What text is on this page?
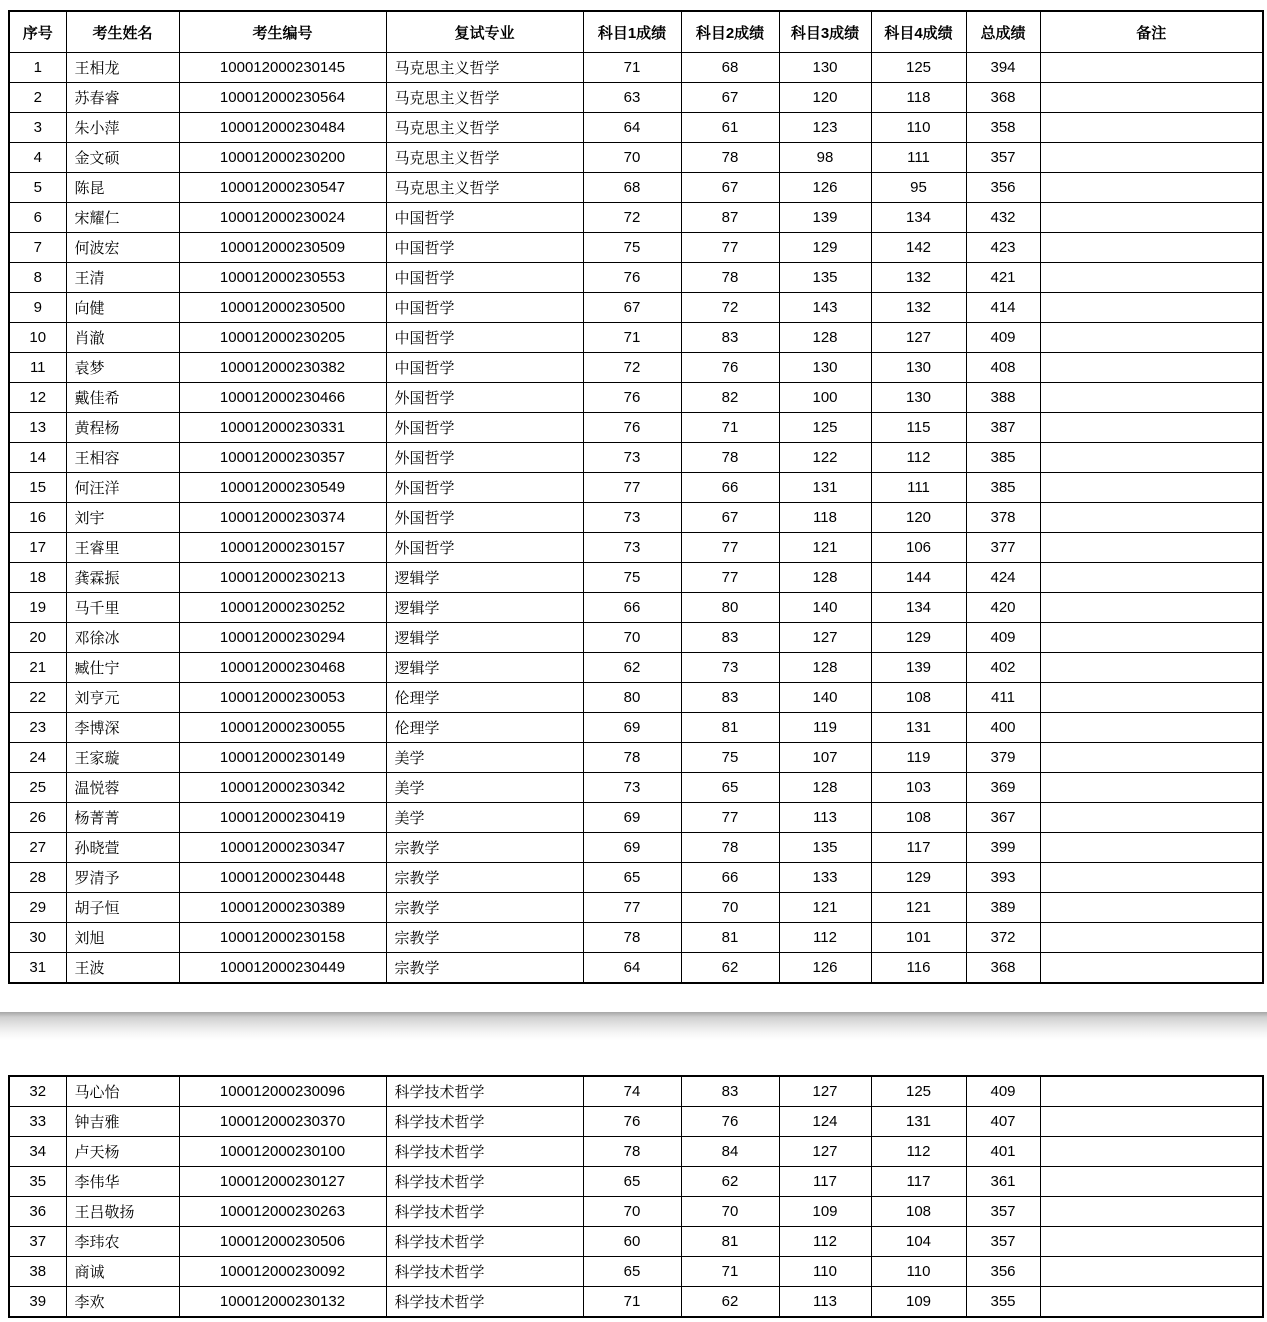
序号	考生姓名	考生编号	复试专业	科目1成绩	科目2成绩	科目3成绩	科目4成绩	总成绩	备注
1	王相龙	100012000230145	马克思主义哲学	71	68	130	125	394	
2	苏春睿	100012000230564	马克思主义哲学	63	67	120	118	368	
3	朱小萍	100012000230484	马克思主义哲学	64	61	123	110	358	
4	金文硕	100012000230200	马克思主义哲学	70	78	98	111	357	
5	陈昆	100012000230547	马克思主义哲学	68	67	126	95	356	
6	宋耀仁	100012000230024	中国哲学	72	87	139	134	432	
7	何波宏	100012000230509	中国哲学	75	77	129	142	423	
8	王清	100012000230553	中国哲学	76	78	135	132	421	
9	向健	100012000230500	中国哲学	67	72	143	132	414	
10	肖澈	100012000230205	中国哲学	71	83	128	127	409	
11	袁梦	100012000230382	中国哲学	72	76	130	130	408	
12	戴佳希	100012000230466	外国哲学	76	82	100	130	388	
13	黄程杨	100012000230331	外国哲学	76	71	125	115	387	
14	王相容	100012000230357	外国哲学	73	78	122	112	385	
15	何汪洋	100012000230549	外国哲学	77	66	131	111	385	
16	刘宇	100012000230374	外国哲学	73	67	118	120	378	
17	王睿里	100012000230157	外国哲学	73	77	121	106	377	
18	龚霖振	100012000230213	逻辑学	75	77	128	144	424	
19	马千里	100012000230252	逻辑学	66	80	140	134	420	
20	邓徐冰	100012000230294	逻辑学	70	83	127	129	409	
21	臧仕宁	100012000230468	逻辑学	62	73	128	139	402	
22	刘亨元	100012000230053	伦理学	80	83	140	108	411	
23	李博深	100012000230055	伦理学	69	81	119	131	400	
24	王家璇	100012000230149	美学	78	75	107	119	379	
25	温悦蓉	100012000230342	美学	73	65	128	103	369	
26	杨菁菁	100012000230419	美学	69	77	113	108	367	
27	孙晓萱	100012000230347	宗教学	69	78	135	117	399	
28	罗清予	100012000230448	宗教学	65	66	133	129	393	
29	胡子恒	100012000230389	宗教学	77	70	121	121	389	
30	刘旭	100012000230158	宗教学	78	81	112	101	372	
31	王波	100012000230449	宗教学	64	62	126	116	368	
32	马心怡	100012000230096	科学技术哲学	74	83	127	125	409	
33	钟吉雅	100012000230370	科学技术哲学	76	76	124	131	407	
34	卢天杨	100012000230100	科学技术哲学	78	84	127	112	401	
35	李伟华	100012000230127	科学技术哲学	65	62	117	117	361	
36	王吕敬扬	100012000230263	科学技术哲学	70	70	109	108	357	
37	李玮农	100012000230506	科学技术哲学	60	81	112	104	357	
38	商诚	100012000230092	科学技术哲学	65	71	110	110	356	
39	李欢	100012000230132	科学技术哲学	71	62	113	109	355	
